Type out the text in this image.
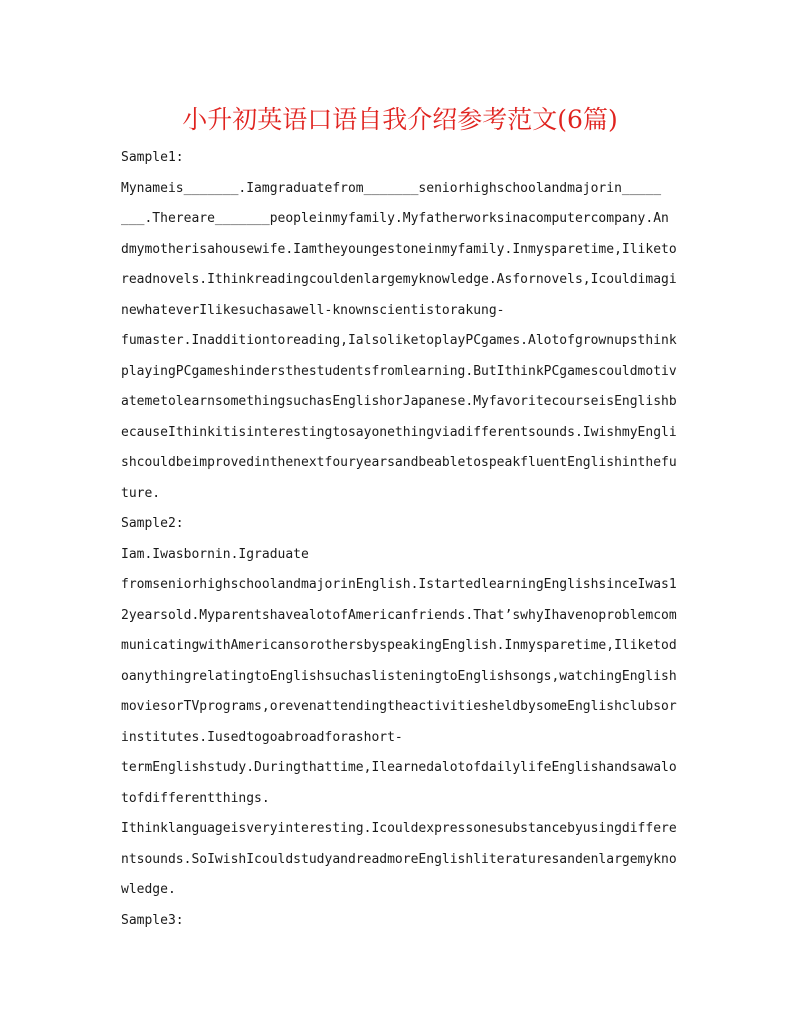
小升初英语口语自我介绍参考范文(6篇)
Sample1:
Mynameis_______.Iamgraduatefrom_______seniorhighschoolandmajorin_____
___.Thereare_______peopleinmyfamily.Myfatherworksinacomputercompany.An
dmymotherisahousewife.Iamtheyoungestoneinmyfamily.Inmysparetime,Iliketo
readnovels.Ithinkreadingcouldenlargemyknowledge.Asfornovels,Icouldimagi
newhateverIlikesuchasawell-knownscientistorakung-
fumaster.Inadditiontoreading,IalsoliketoplayPCgames.Alotofgrownupsthink
playingPCgameshindersthestudentsfromlearning.ButIthinkPCgamescouldmotiv
atemetolearnsomethingsuchasEnglishorJapanese.MyfavoritecourseisEnglishb
ecauseIthinkitisinterestingtosayonethingviadifferentsounds.IwishmyEngli
shcouldbeimprovedinthenextfouryearsandbeabletospeakfluentEnglishinthefu
ture.
Sample2:
Iam.Iwasbornin.Igraduate
fromseniorhighschoolandmajorinEnglish.IstartedlearningEnglishsinceIwas1
2yearsold.MyparentshavealotofAmericanfriends.That’swhyIhavenoproblemcom
municatingwithAmericansorothersbyspeakingEnglish.Inmysparetime,Iliketod
oanythingrelatingtoEnglishsuchaslisteningtoEnglishsongs,watchingEnglish
moviesorTVprograms,orevenattendingtheactivitiesheldbysomeEnglishclubsor
institutes.Iusedtogoabroadforashort-
termEnglishstudy.Duringthattime,IlearnedalotofdailylifeEnglishandsawalo
tofdifferentthings.
Ithinklanguageisveryinteresting.Icouldexpressonesubstancebyusingdiffere
ntsounds.SoIwishIcouldstudyandreadmoreEnglishliteraturesandenlargemykno
wledge.
Sample3:
